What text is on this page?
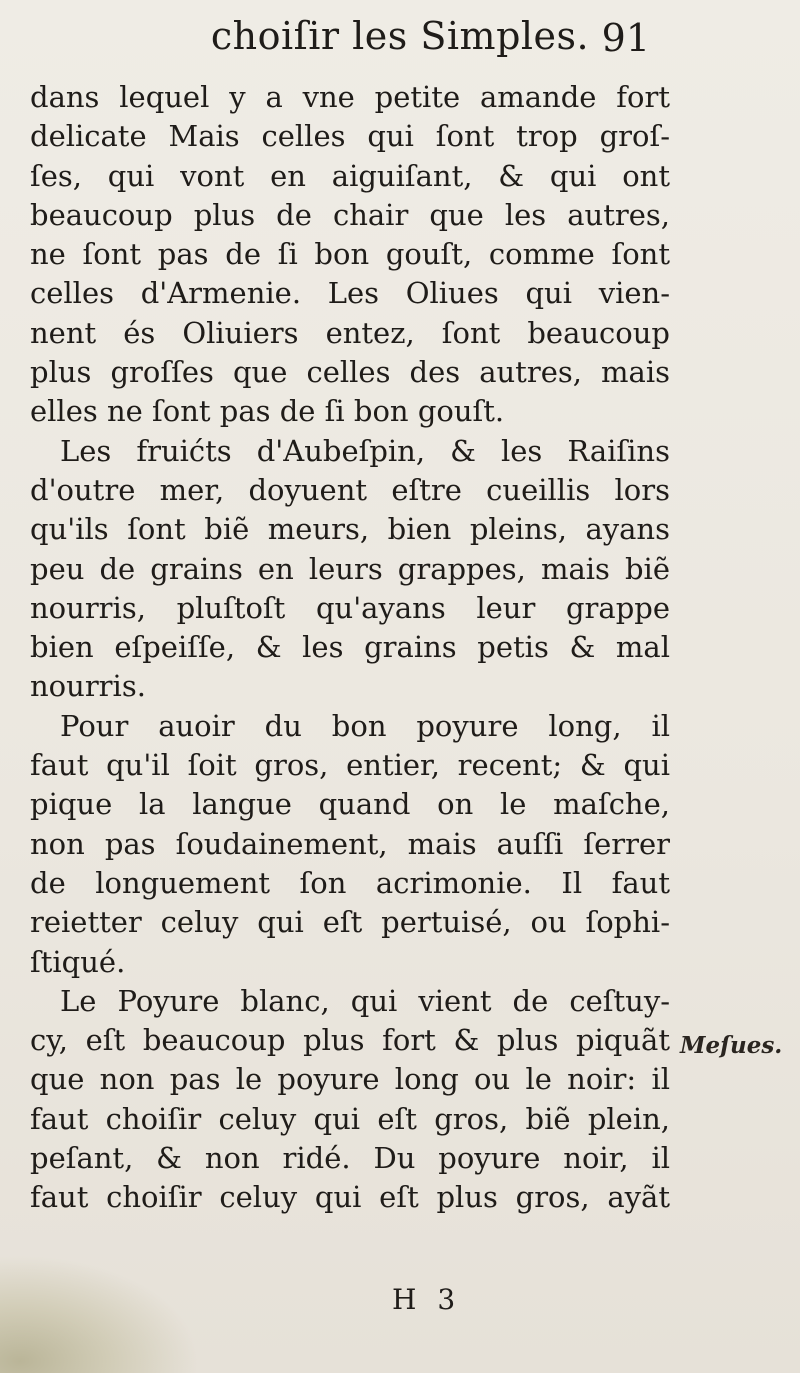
choiſir les Simples. 91
dans lequel y a vne petite amande fort
delicate Mais celles qui ſont trop groſ-
ſes, qui vont en aiguiſant, & qui ont
beaucoup plus de chair que les autres,
ne ſont pas de ſi bon gouſt, comme ſont
celles d'Armenie. Les Oliues qui vien-
nent és Oliuiers entez, ſont beaucoup
plus groſſes que celles des autres, mais
elles ne ſont pas de ſi bon gouſt.
Les fruićts d'Aubeſpin, & les Raiſins
d'outre mer, doyuent eſtre cueillis lors
qu'ils ſont biẽ meurs, bien pleins, ayans
peu de grains en leurs grappes, mais biẽ
nourris, pluſtoſt qu'ayans leur grappe
bien eſpeiſſe, & les grains petis & mal
nourris.
Pour auoir du bon poyure long, il
faut qu'il ſoit gros, entier, recent; & qui
pique la langue quand on le maſche,
non pas ſoudainement, mais auſſi ſerrer
de longuement ſon acrimonie. Il faut
reietter celuy qui eſt pertuisé, ou ſophi-
ſtiqué.
Le Poyure blanc, qui vient de ceſtuy-
cy, eſt beaucoup plus fort & plus piquãt
que non pas le poyure long ou le noir: il
faut choiſir celuy qui eſt gros, biẽ plein,
peſant, & non ridé. Du poyure noir, il
faut choiſir celuy qui eſt plus gros, ayãt
Meſues.
H 3
